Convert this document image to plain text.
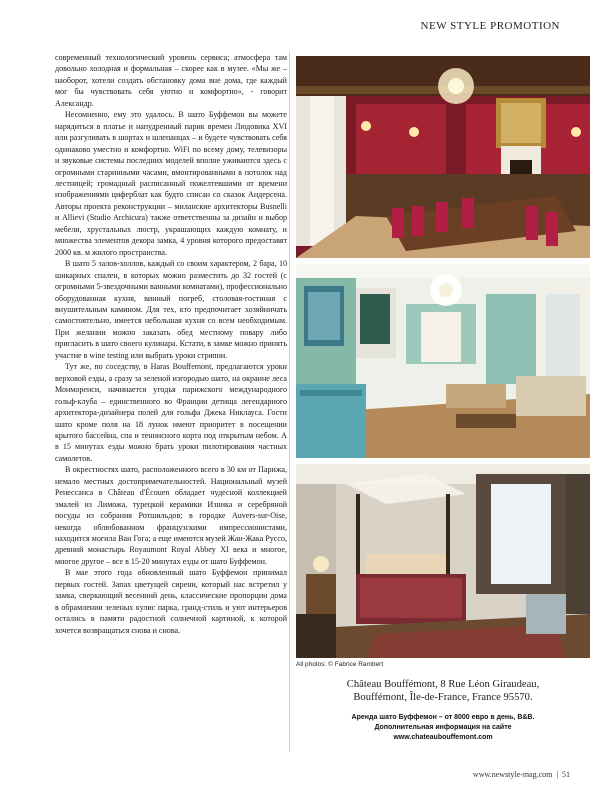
NEW STYLE PROMOTION

современный технологический уровень сервиса; атмосфера там довольно холодная и формальная – скорее как в музее. «Мы же – наоборот, хотели создать обстановку дома вне дома, где каждый мог бы чувствовать себя уютно и комфортно», - говорит Александр.

Несомненно, ему это удалось. В шато Буффемон вы можете нарядиться в платье и напудренный парик времен Людовика XVI или разгуливать в шортах и шлепанцах – и будете чувствовать себя одинаково уместно и комфортно. WiFi по всему дому, телевизоры и звуковые системы последних моделей вполне уживаются здесь с огромными старинными часами, вмонтированными в потолок над лестницей; громадный расписанный пожелтевшими от времени изображениями циферблат как будто списан со сказок Андерсена. Авторы проекта реконструкции – миланские архитекторы Busnelli и Allievi (Studio Archicura) также ответственны за дизайн и выбор мебели, хрустальных люстр, украшающих каждую комнату, и множества элементов декора замка, 4 уровня которого предоставят 2000 кв. м жилого пространства.

В шато 5 залов-холлов, каждый со своим характером, 2 бара, 10 шикарных спален, в которых можно разместить до 32 гостей (с огромными 5-звездочными ванными комнатами), профессионально оборудованная кухня, винный погреб, столовая-гостиная с внушительным камином. Для тех, кто предпочитает хозяйничать самостоятельно, имеется небольшая кухня со всем необходимым. При желании можно заказать обед местному повару либо пригласить в шато своего кулинара. Кстати, в замке можно принять участие в wine testing или выбрать уроки стряпни.

Тут же, по соседству, в Haras Bouffemont, предлагаются уроки верховой езды, а сразу за зеленой изгородью шато, на окраине леса Монморенси, начинается угодья парижского международного гольф-клуба – единственного во Франции детища легендарного архитектора-дизайнера полей для гольфа Джека Никлауса. Гости шато кроме поля на 18 лунок имеют приоритет в посещении крытого бассейна, спа и теннисного корта под открытым небом. А в 15 минутах езды можно брать уроки пилотирования частных самолетов.

В окрестностях шато, расположенного всего в 30 км от Парижа, немало местных достопримечательностей. Национальный музей Ренессанса в Château d'Écouen обладает чудесной коллекцией эмалей из Лиможа, турецкой керамики Изника и серебряной посуды из собрания Ротшильдов; в городке Auvers-sur-Oise, некогда облюбованном французскими импрессионистами, находится могила Ван Гога; а еще имеются музей Жан-Жака Руссо, древний монастырь Royaumont Royal Abbey XI века и многое, многое другое – все в 15-20 минутах езды от шато Буффемон.

В мае этого года обновленный шато Буффемон принимал первых гостей. Запах цветущей сирени, который нас встретил у замка, сверкающий весенний день, классические пропорции дома в обрамлении зеленых кулис парка, гранд-стиль и уют интерьеров остались в памяти радостной солнечной картиной, к которой хочется возвращаться снова и снова.

All photos: © Fabrice Rambert
Château Bouffémont, 8 Rue Léon Giraudeau,
Bouffémont, Île-de-France, France 95570.
Аренда шато Буффемон – от 8000 евро в день, B&B.
Дополнительная информация на сайте
www.chateaubouffemont.com
www.newstyle-mag.com | 51
